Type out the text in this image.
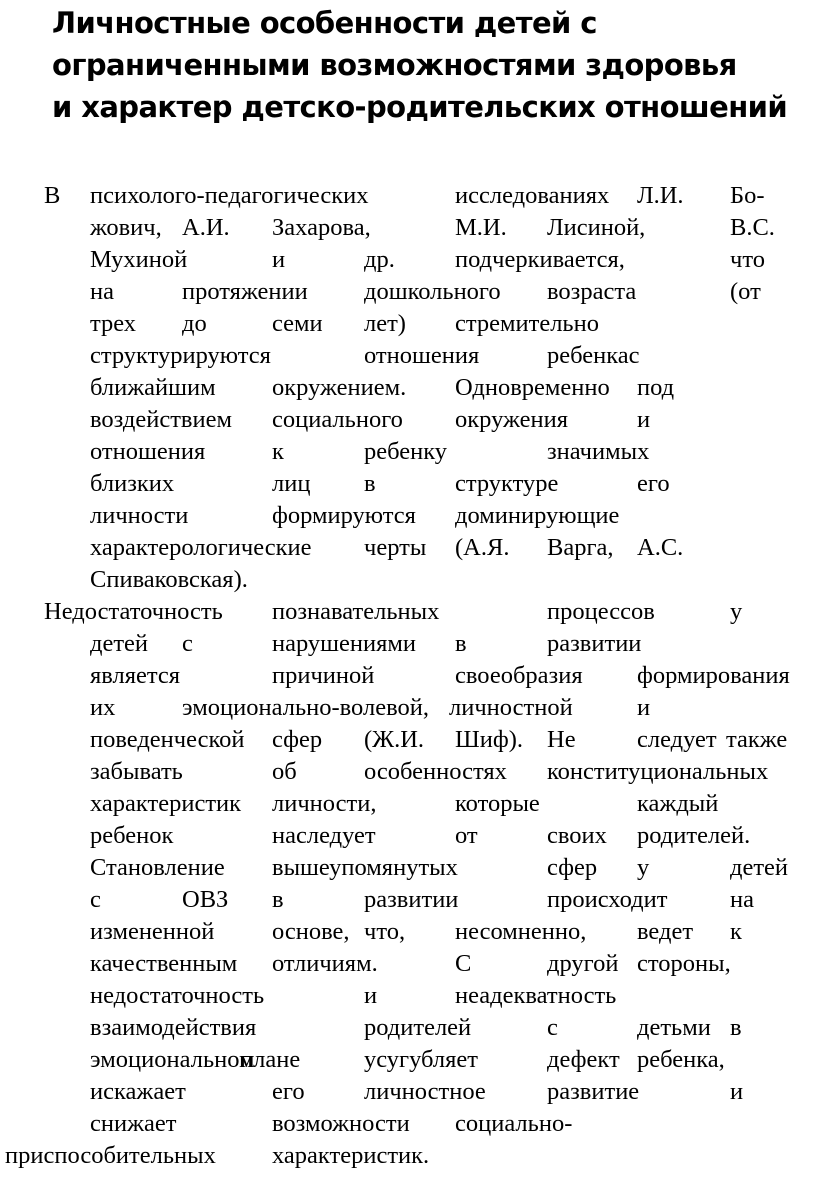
Личностные особенности детей с
ограниченными возможностями здоровья
и характер детско-родительских отношений
В психолого-педагогических	исследованиях Л.И. Бо-
жович, А.И. Захарова,	М.И. Лисиной,	В.С.
Мухиной	и	др. подчеркивается,	что
на	протяжении дошкольного возраста	(от
трех до	семи лет) стремительно
структурируются	отношения	ребенкас
ближайшим окружением. Одновременно под
воздействием социального окружения	и
отношения	к	ребенку	значимых
близких	лиц в	структуре	его
личности	формируются доминирующие
характерологические черты (А.Я. Варга, А.С.
Спиваковская).
Недостаточность познавательных	процессов	у
детей с	нарушениями в	развитии
является	причиной	своеобразия формирования
их	эмоционально-волевой, личностной	и
поведенческой сфер (Ж.И. Шиф). Не	следует также
забывать	об	особенностях конституциональных
характеристик личности,	которые	каждый
ребенок	наследует	от	своих родителей.
Становление вышеупомянутых	сфер у	детей
с	ОВЗ в	развитии	происходит	на
измененной основе, что, несомненно, ведет к
качественным отличиям.	С	другой стороны,
недостаточность	и	неадекватность
взаимодействия	родителей	с	детьми в
эмоциональном
плане	усугубляет	дефект ребенка,
искажает	его личностное	развитие	и
снижает	возможности социально-
приспособительных характеристик.
